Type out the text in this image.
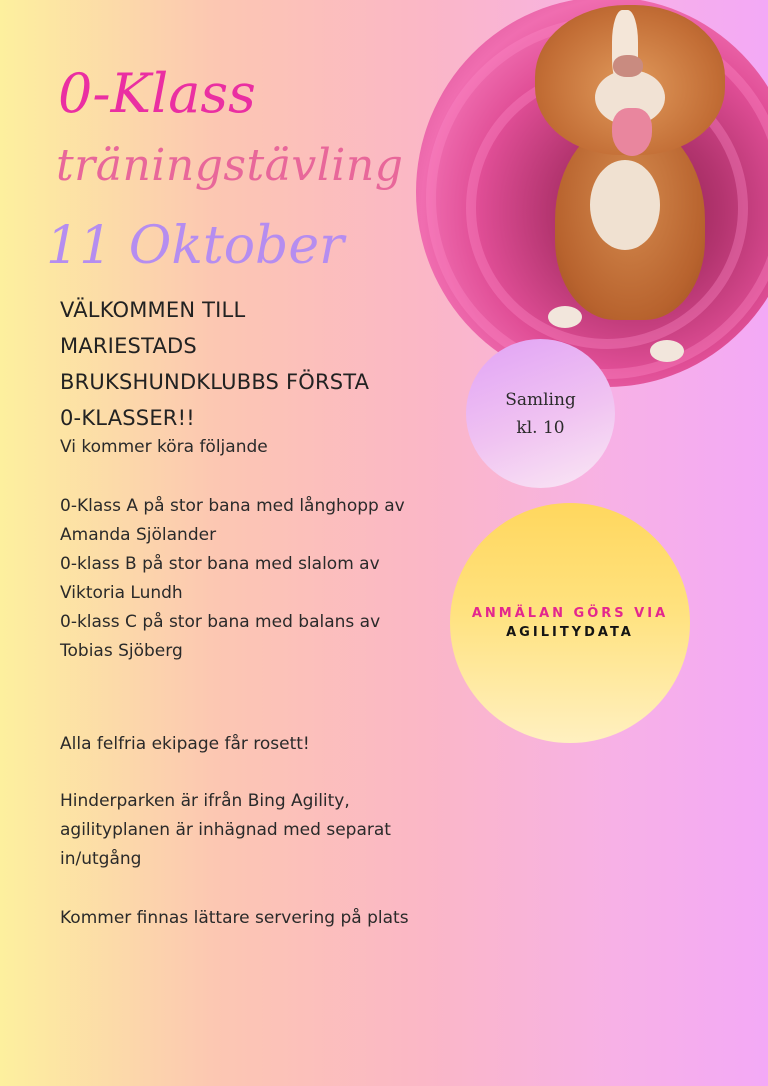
0-Klass
träningstävling
11 Oktober
VÄLKOMMEN TILL
MARIESTADS
BRUKSHUNDKLUBBS FÖRSTA
0-KLASSER!!

Vi kommer köra följande

0-Klass A på stor bana med långhopp av Amanda Sjölander
0-klass B på stor bana med slalom av Viktoria Lundh
0-klass C på stor bana med balans av Tobias Sjöberg

Alla felfria ekipage får rosett!

Hinderparken är ifrån Bing Agility, agilityplanen är inhägnad med separat in/utgång

Kommer finnas lättare servering på plats

Samling
kl. 10
ANMÄLAN GÖRS VIA
AGILITYDATA
